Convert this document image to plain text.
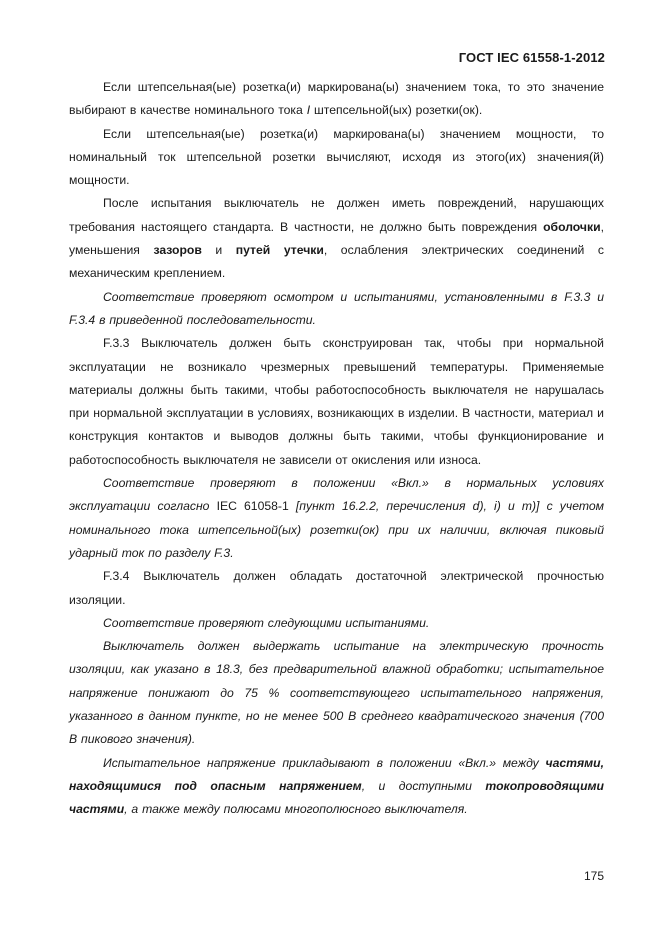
ГОСТ IEC 61558-1-2012

Если штепсельная(ые) розетка(и) маркирована(ы) значением тока, то это значение выбирают в качестве номинального тока I штепсельной(ых) розетки(ок).

Если штепсельная(ые) розетка(и) маркирована(ы) значением мощности, то номинальный ток штепсельной розетки вычисляют, исходя из этого(их) значения(й) мощности.

После испытания выключатель не должен иметь повреждений, нарушающих требования настоящего стандарта. В частности, не должно быть повреждения оболочки, уменьшения зазоров и путей утечки, ослабления электрических соединений с механическим креплением.

Соответствие проверяют осмотром и испытаниями, установленными в F.3.3 и F.3.4 в приведенной последовательности.

F.3.3 Выключатель должен быть сконструирован так, чтобы при нормальной эксплуатации не возникало чрезмерных превышений температуры. Применяемые материалы должны быть такими, чтобы работоспособность выключателя не нарушалась при нормальной эксплуатации в условиях, возникающих в изделии. В частности, материал и конструкция контактов и выводов должны быть такими, чтобы функционирование и работоспособность выключателя не зависели от окисления или износа.

Соответствие проверяют в положении «Вкл.» в нормальных условиях эксплуатации согласно IEC 61058-1 [пункт 16.2.2, перечисления d), i) и m)] с учетом номинального тока штепсельной(ых) розетки(ок) при их наличии, включая пиковый ударный ток по разделу F.3.

F.3.4 Выключатель должен обладать достаточной электрической прочностью изоляции.

Соответствие проверяют следующими испытаниями.

Выключатель должен выдержать испытание на электрическую прочность изоляции, как указано в 18.3, без предварительной влажной обработки; испытательное напряжение понижают до 75 % соответствующего испытательного напряжения, указанного в данном пункте, но не менее 500 В среднего квадратического значения (700 В пикового значения).

Испытательное напряжение прикладывают в положении «Вкл.» между частями, находящимися под опасным напряжением, и доступными токопроводящими частями, а также между полюсами многополюсного выключателя.

175
